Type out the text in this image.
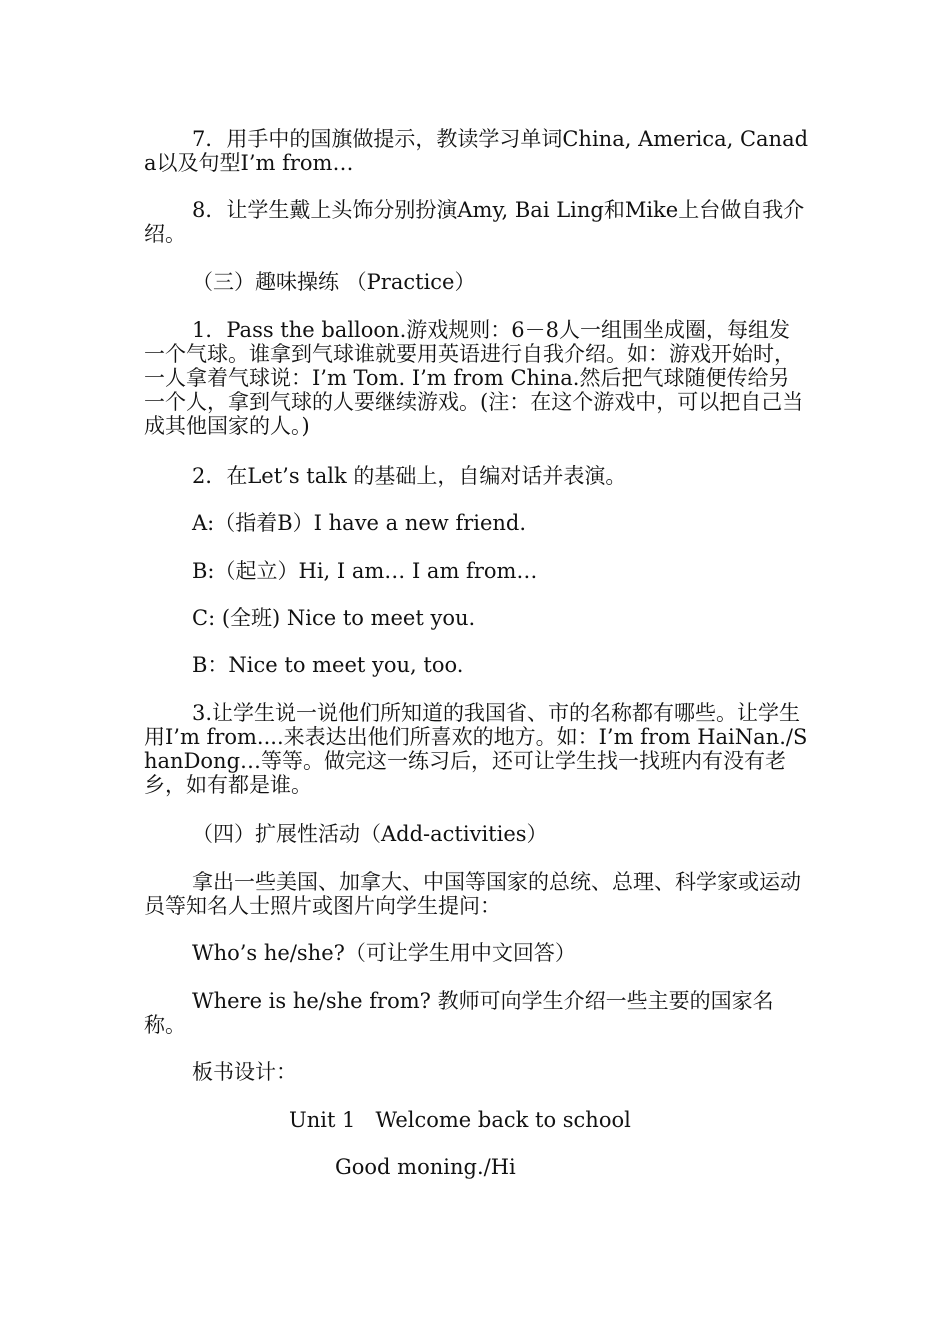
7．用手中的国旗做提示，教读学习单词China, America, Canada以及句型I’m from…

8．让学生戴上头饰分别扮演Amy, Bai Ling和Mike上台做自我介绍。

（三）趣味操练 （Practice）

1．Pass the balloon.游戏规则：6－8人一组围坐成圈，每组发一个气球。谁拿到气球谁就要用英语进行自我介绍。如：游戏开始时，一人拿着气球说：I’m Tom. I’m from China.然后把气球随便传给另一个人，拿到气球的人要继续游戏。(注：在这个游戏中，可以把自己当成其他国家的人。)

2．在Let’s talk 的基础上，自编对话并表演。

A:（指着B）I have a new friend.

B:（起立）Hi, I am… I am from…

C: (全班) Nice to meet you.

B：Nice to meet you, too.

3.让学生说一说他们所知道的我国省、市的名称都有哪些。让学生用I’m from....来表达出他们所喜欢的地方。如：I’m from HaiNan./ShanDong…等等。做完这一练习后，还可让学生找一找班内有没有老乡，如有都是谁。

（四）扩展性活动（Add-activities）

拿出一些美国、加拿大、中国等国家的总统、总理、科学家或运动员等知名人士照片或图片向学生提问：

Who’s he/she?（可让学生用中文回答）

Where is he/she from? 教师可向学生介绍一些主要的国家名称。

板书设计：

Unit 1   Welcome back to school
Good moning./Hi
